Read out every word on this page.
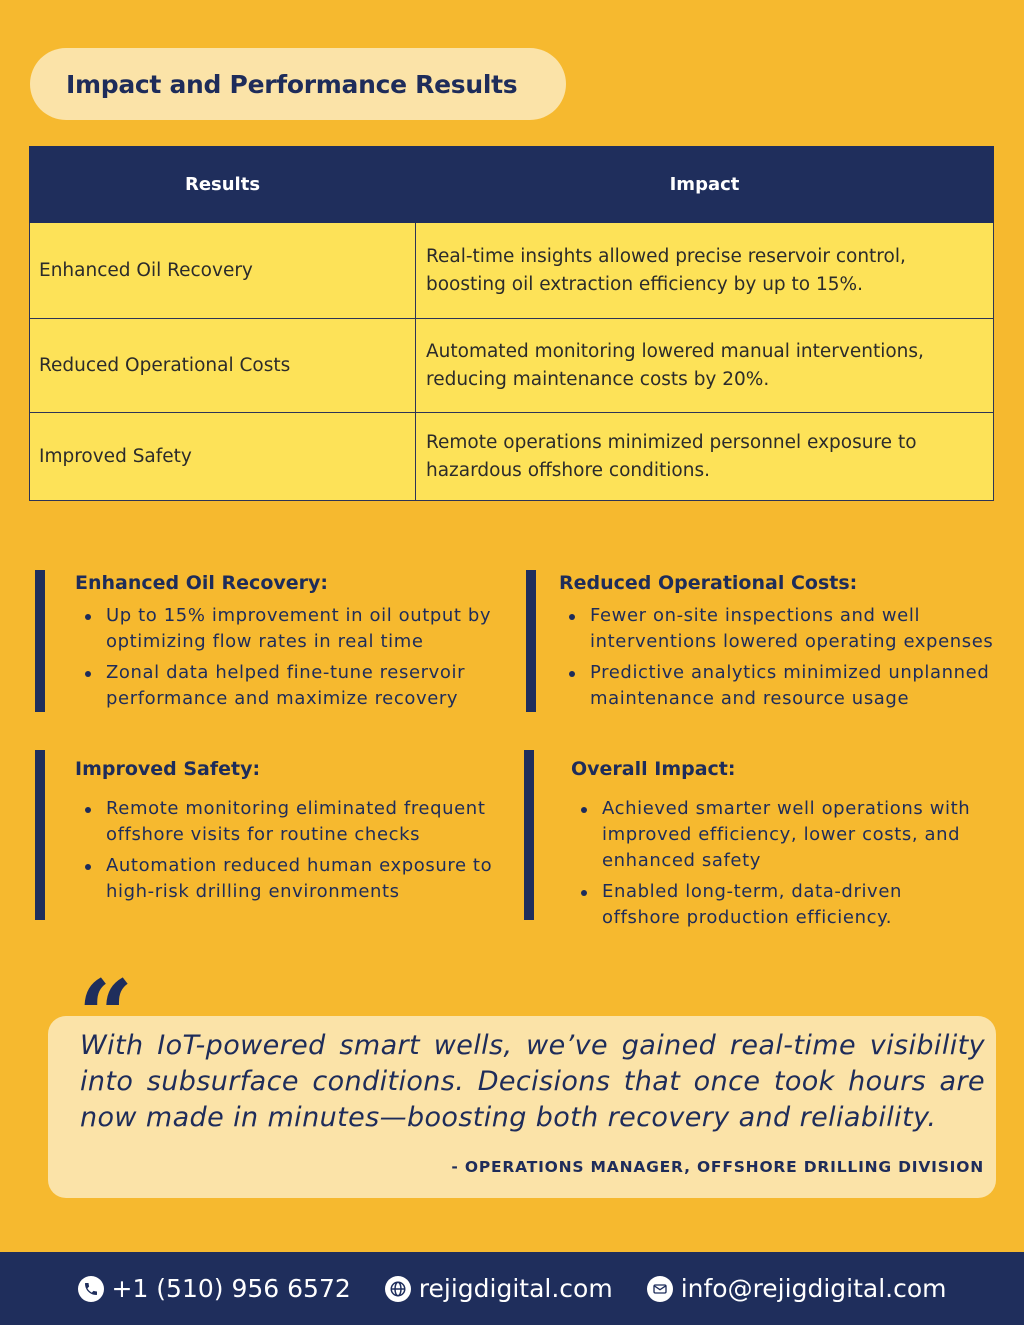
Impact and Performance Results
Results	Impact
Enhanced Oil Recovery	Real-time insights allowed precise reservoir control, boosting oil extraction efficiency by up to 15%.
Reduced Operational Costs	Automated monitoring lowered manual interventions, reducing maintenance costs by 20%.
Improved Safety	Remote operations minimized personnel exposure to hazardous offshore conditions.
Enhanced Oil Recovery:
Up to 15% improvement in oil output by optimizing flow rates in real time
Zonal data helped fine-tune reservoir performance and maximize recovery
Reduced Operational Costs:
Fewer on-site inspections and well interventions lowered operating expenses
Predictive analytics minimized unplanned maintenance and resource usage
Improved Safety:
Remote monitoring eliminated frequent offshore visits for routine checks
Automation reduced human exposure to high-risk drilling environments
Overall Impact:
Achieved smarter well operations with improved efficiency, lower costs, and enhanced safety
Enabled long-term, data-driven offshore production efficiency.
“

With IoT-powered smart wells, we’ve gained real-time visibility into subsurface conditions. Decisions that once took hours are now made in minutes—boosting both recovery and reliability.

- OPERATIONS MANAGER, OFFSHORE DRILLING DIVISION
+1 (510) 956 6572	rejigdigital.com	info@rejigdigital.com
